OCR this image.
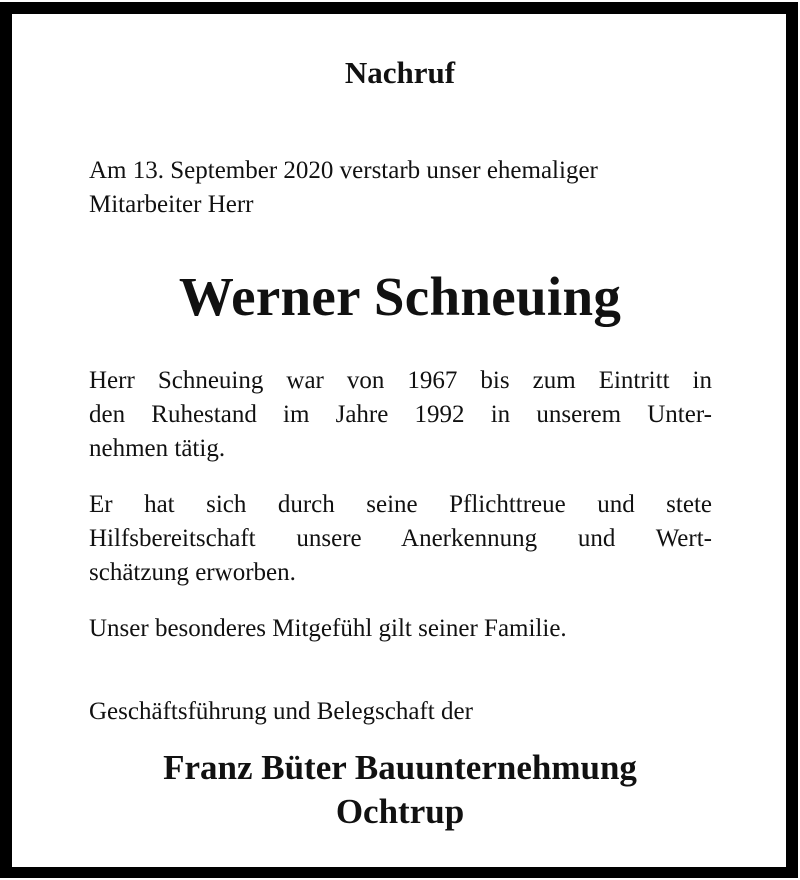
Nachruf
Am 13. September 2020 verstarb unser ehemaliger
Mitarbeiter Herr
Werner Schneuing
Herr Schneuing war von 1967 bis zum Eintritt in
den Ruhestand im Jahre 1992 in unserem Unter-
nehmen tätig.
Er hat sich durch seine Pflichttreue und stete
Hilfsbereitschaft unsere Anerkennung und Wert-
schätzung erworben.
Unser besonderes Mitgefühl gilt seiner Familie.
Geschäftsführung und Belegschaft der
Franz Büter Bauunternehmung
Ochtrup
